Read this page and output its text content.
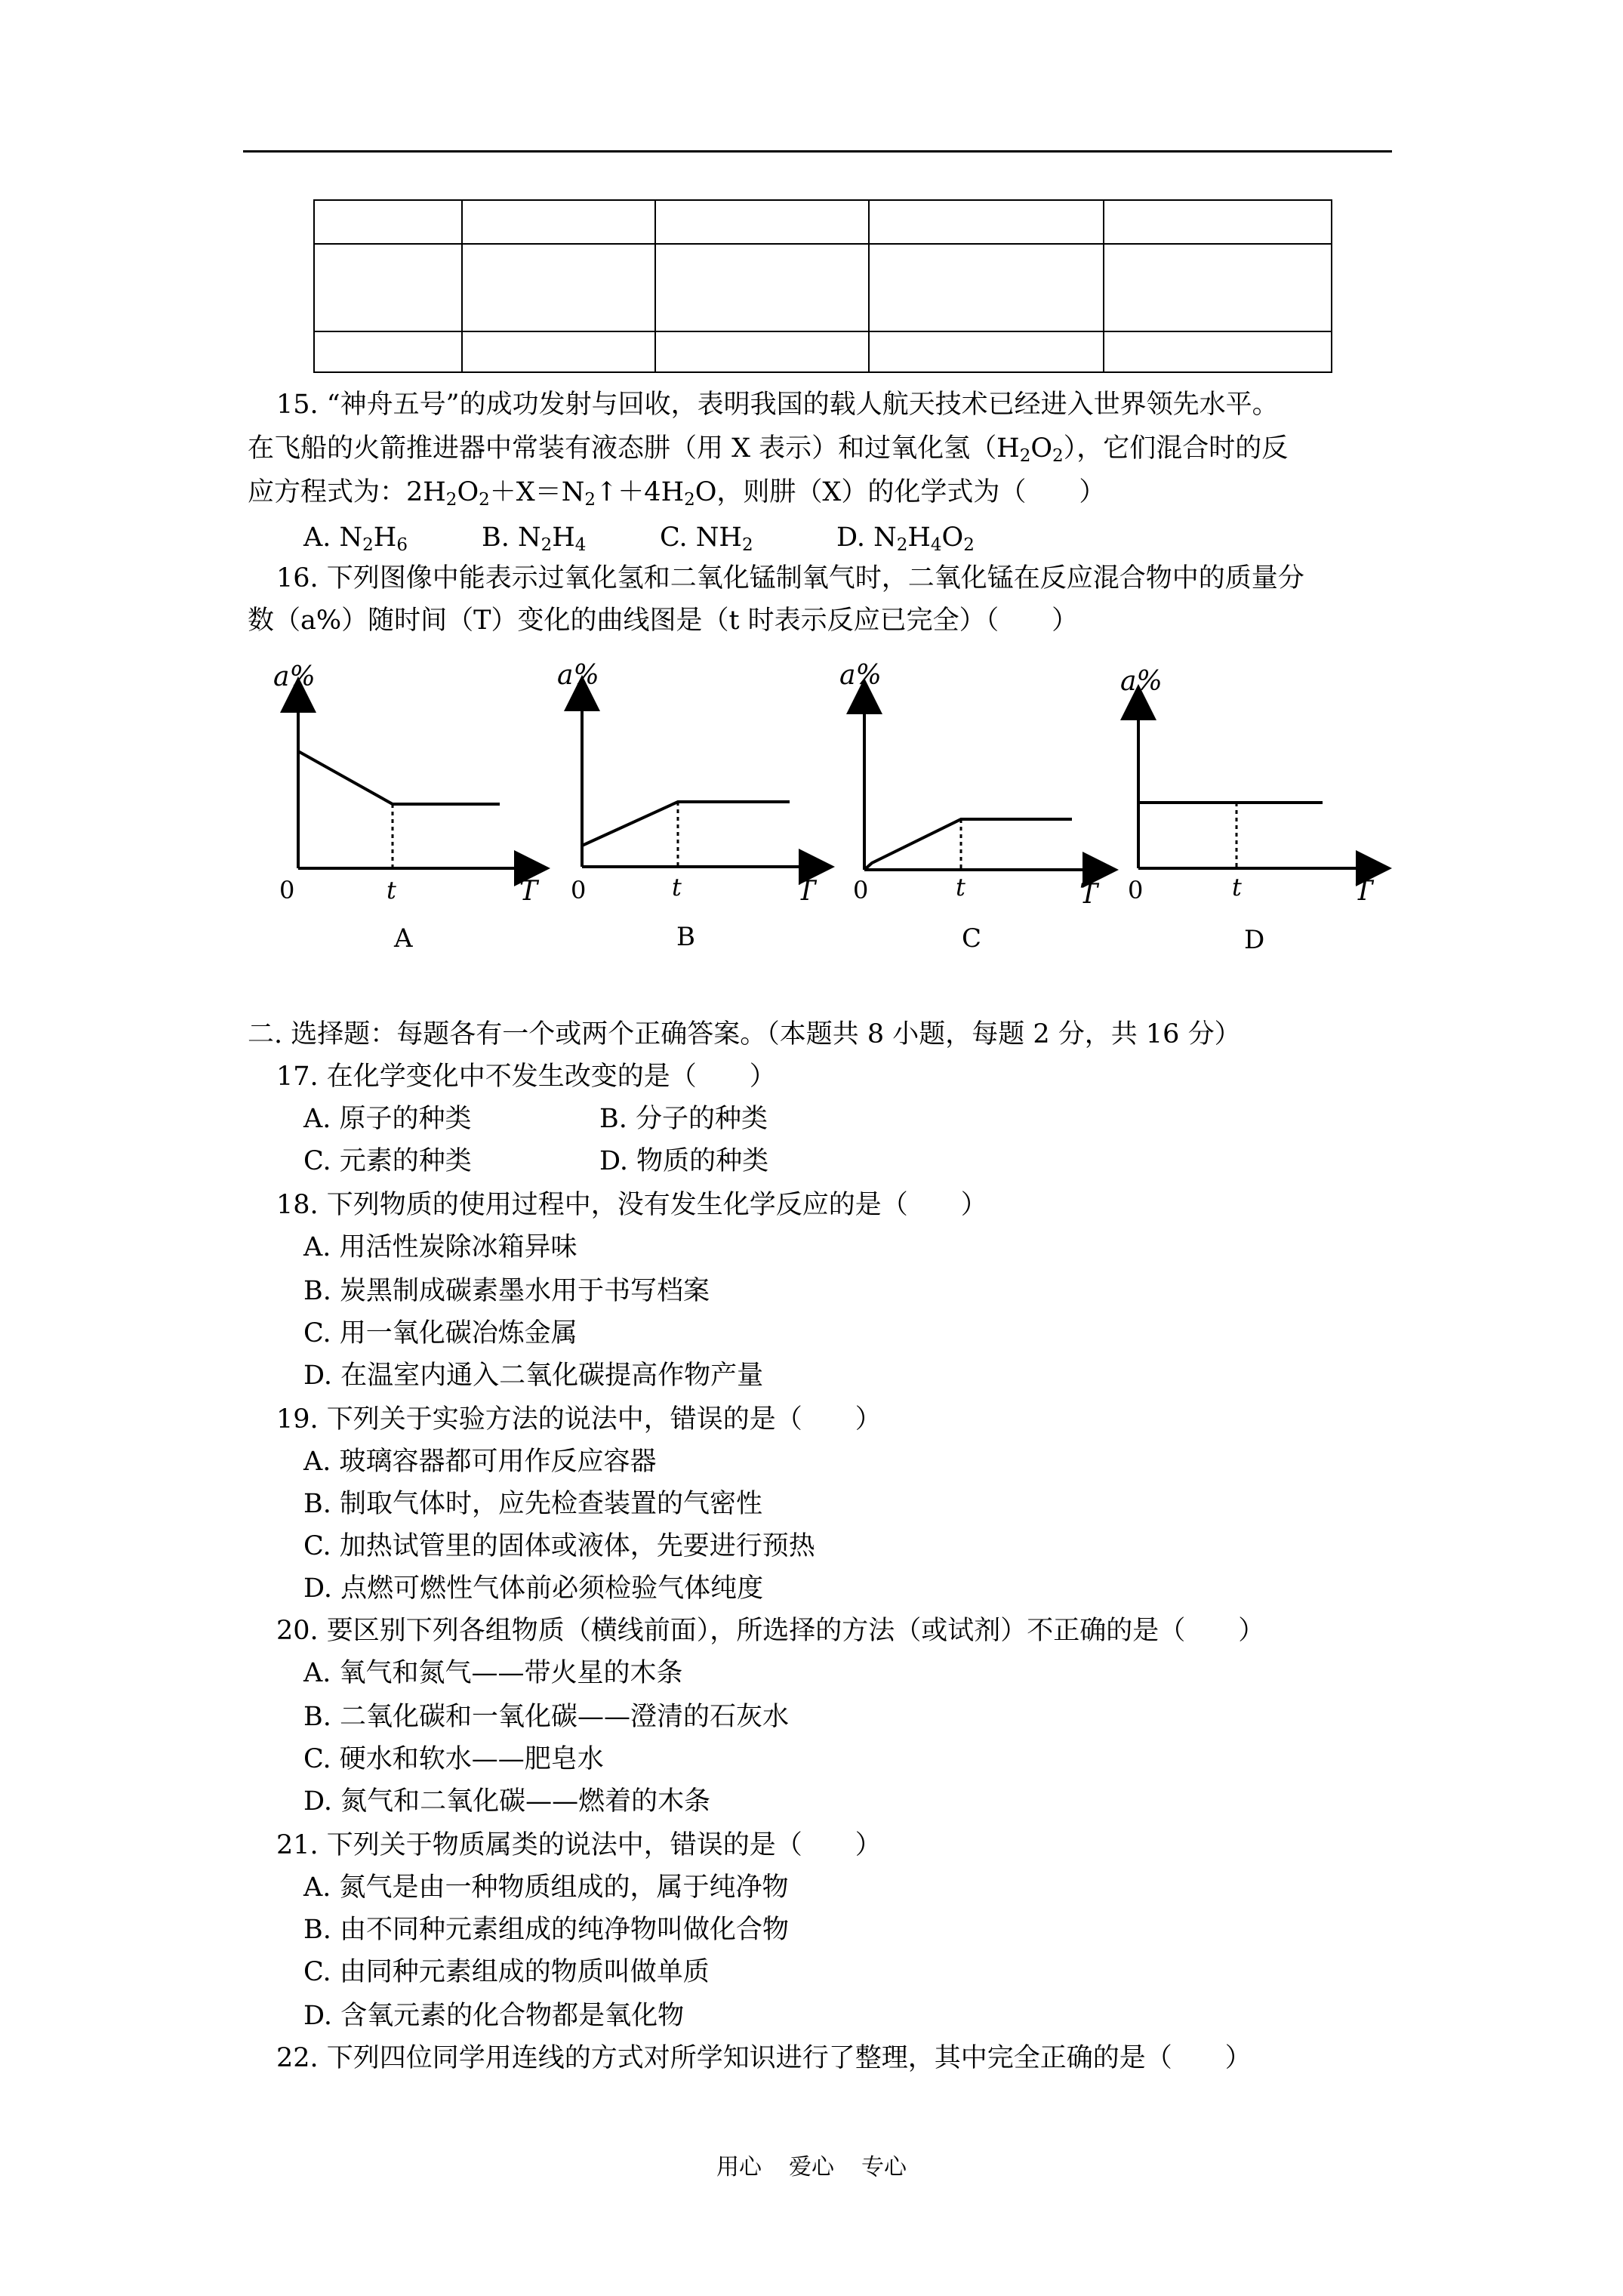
15. “神舟五号”的成功发射与回收，表明我国的载人航天技术已经进入世界领先水平。
在飞船的火箭推进器中常装有液态肼（用 X 表示）和过氧化氢$(H_2O_2)$，它们混合时的反
应方程式为：$2H_2O_2+X=N_2↑+4H_2O$，则肼（X）的化学式为（　　）
A. $N_2H_6$	B. $N_2H_4$	C. $NH_2$	D. $N_2H_4O_2$
16. 下列图像中能表示过氧化氢和二氧化锰制氧气时，二氧化锰在反应混合物中的质量分
数（a%）随时间（T）变化的曲线图是（t 时表示反应已完全）（　　）
a%
0	t	T
A
a%
0	t	T
B
a%
0	t	T
C
a%
0	t	T
D
二. 选择题：每题各有一个或两个正确答案。（本题共 8 小题，每题 2 分，共 16 分）
17. 在化学变化中不发生改变的是（　　）
A. 原子的种类	B. 分子的种类
C. 元素的种类	D. 物质的种类
18. 下列物质的使用过程中，没有发生化学反应的是（　　）
A. 用活性炭除冰箱异味
B. 炭黑制成碳素墨水用于书写档案
C. 用一氧化碳冶炼金属
D. 在温室内通入二氧化碳提高作物产量
19. 下列关于实验方法的说法中，错误的是（　　）
A. 玻璃容器都可用作反应容器
B. 制取气体时，应先检查装置的气密性
C. 加热试管里的固体或液体，先要进行预热
D. 点燃可燃性气体前必须检验气体纯度
20. 要区别下列各组物质（横线前面），所选择的方法（或试剂）不正确的是（　　）
A. 氧气和氮气——带火星的木条
B. 二氧化碳和一氧化碳——澄清的石灰水
C. 硬水和软水——肥皂水
D. 氮气和二氧化碳——燃着的木条
21. 下列关于物质属类的说法中，错误的是（　　）
A. 氮气是由一种物质组成的，属于纯净物
B. 由不同种元素组成的纯净物叫做化合物
C. 由同种元素组成的物质叫做单质
D. 含氧元素的化合物都是氧化物
22. 下列四位同学用连线的方式对所学知识进行了整理，其中完全正确的是（　　）
用心 爱心 专心
